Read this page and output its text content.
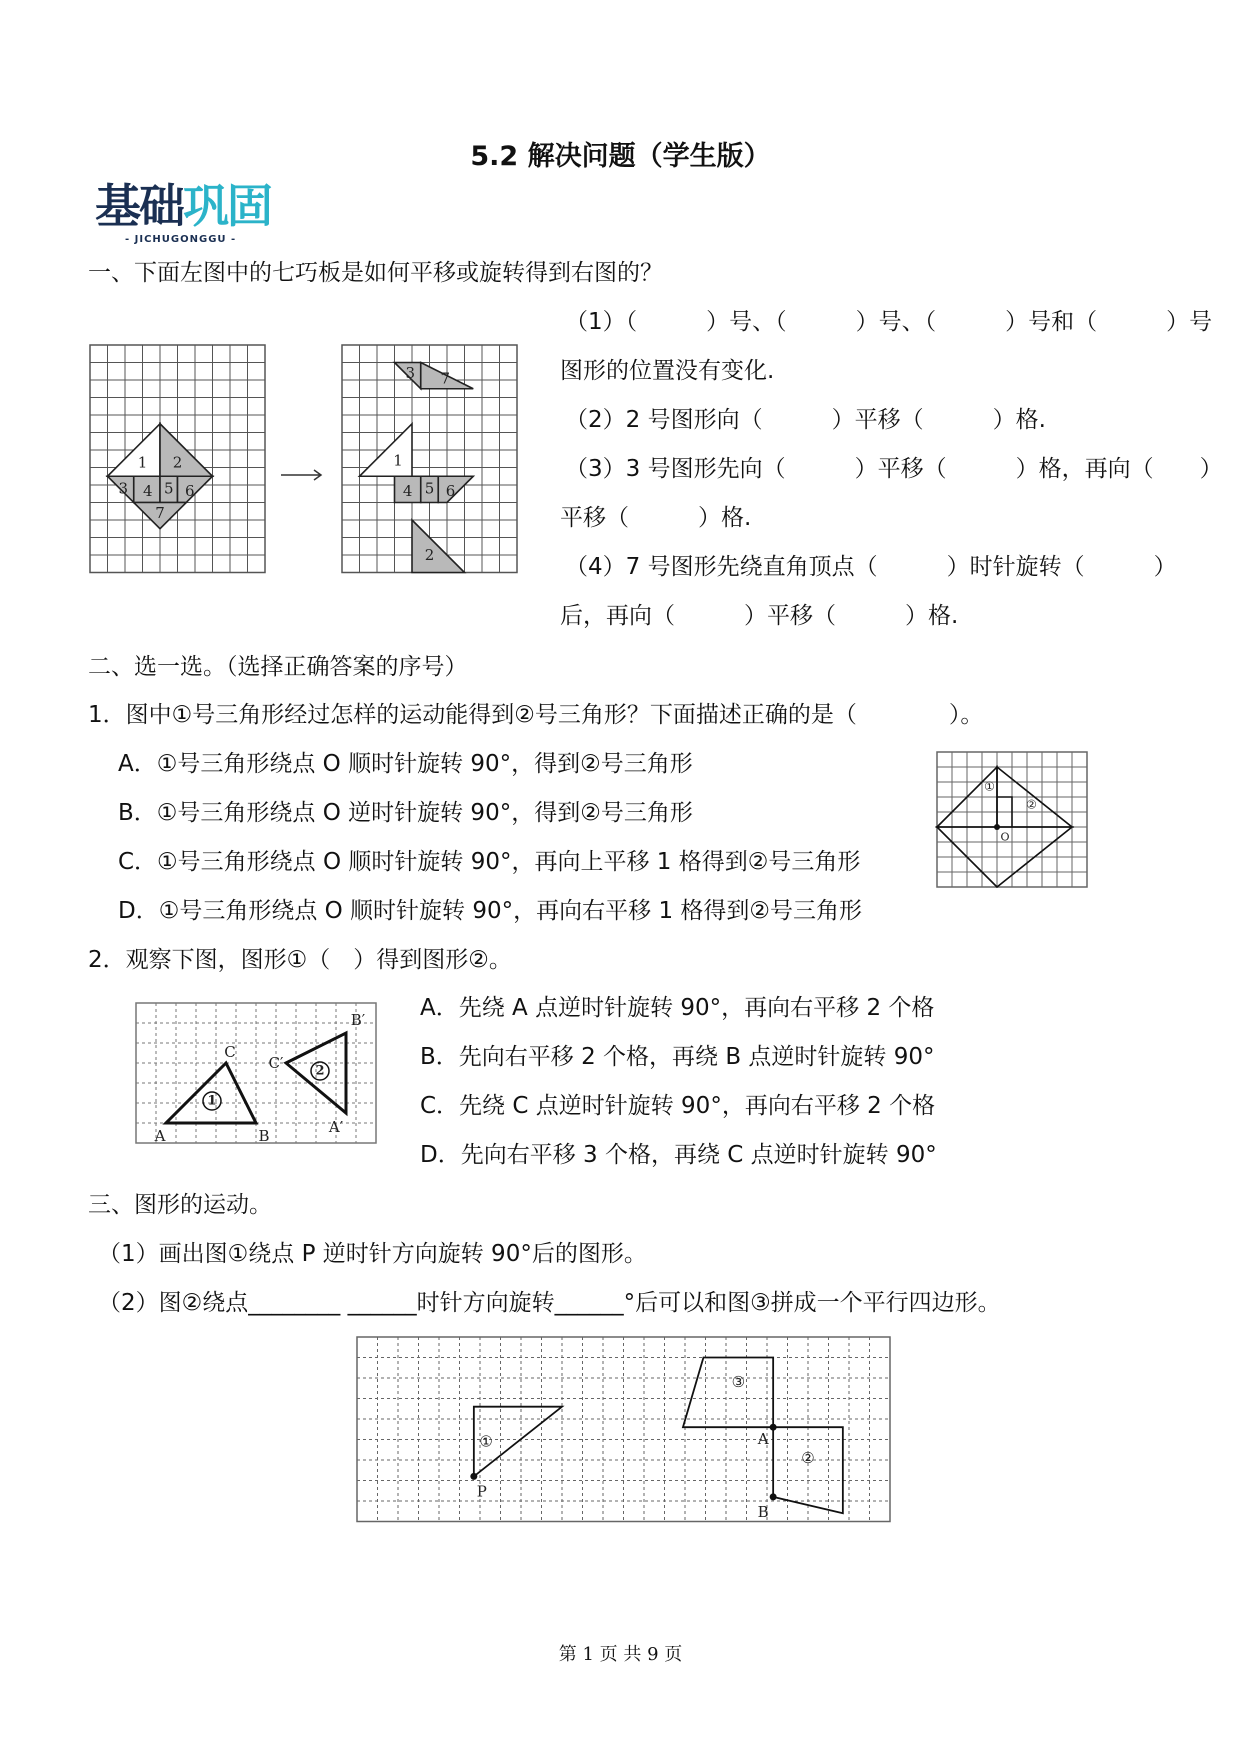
5.2 解决问题（学生版）
基础巩固
- JICHUGONGGU -
一、下面左图中的七巧板是如何平移或旋转得到右图的？
1 2
3 4 5 6
7
1
2
3
4 5 6
7
（1）（　　　）号、（　　　）号、（　　　）号和（　　　）号
图形的位置没有变化.
（2）2 号图形向（　　　）平移（　　　）格.
（3）3 号图形先向（　　　）平移（　　　）格，再向（　　）
平移（　　　）格.
（4）7 号图形先绕直角顶点（　　　）时针旋转（　　　）
后，再向（　　　）平移（　　　）格.
二、选一选。（选择正确答案的序号）
1．图中①号三角形经过怎样的运动能得到②号三角形？下面描述正确的是（　　　　）。
A．①号三角形绕点 O 顺时针旋转 90°，得到②号三角形
B．①号三角形绕点 O 逆时针旋转 90°，得到②号三角形
C．①号三角形绕点 O 顺时针旋转 90°，再向上平移 1 格得到②号三角形
D．①号三角形绕点 O 顺时针旋转 90°，再向右平移 1 格得到②号三角形
①
②
O
2．观察下图，图形①（　）得到图形②。
A	B
C
A′
B′
C′
1
2
A．先绕 A 点逆时针旋转 90°，再向右平移 2 个格
B．先向右平移 2 个格，再绕 B 点逆时针旋转 90°
C．先绕 C 点逆时针旋转 90°，再向右平移 2 个格
D．先向右平移 3 个格，再绕 C 点逆时针旋转 90°
三、图形的运动。
（1）画出图①绕点 P 逆时针方向旋转 90°后的图形。
（2）图②绕点________ ______时针方向旋转______°后可以和图③拼成一个平行四边形。
P
A
B
①
③
②
第 1 页 共 9 页
